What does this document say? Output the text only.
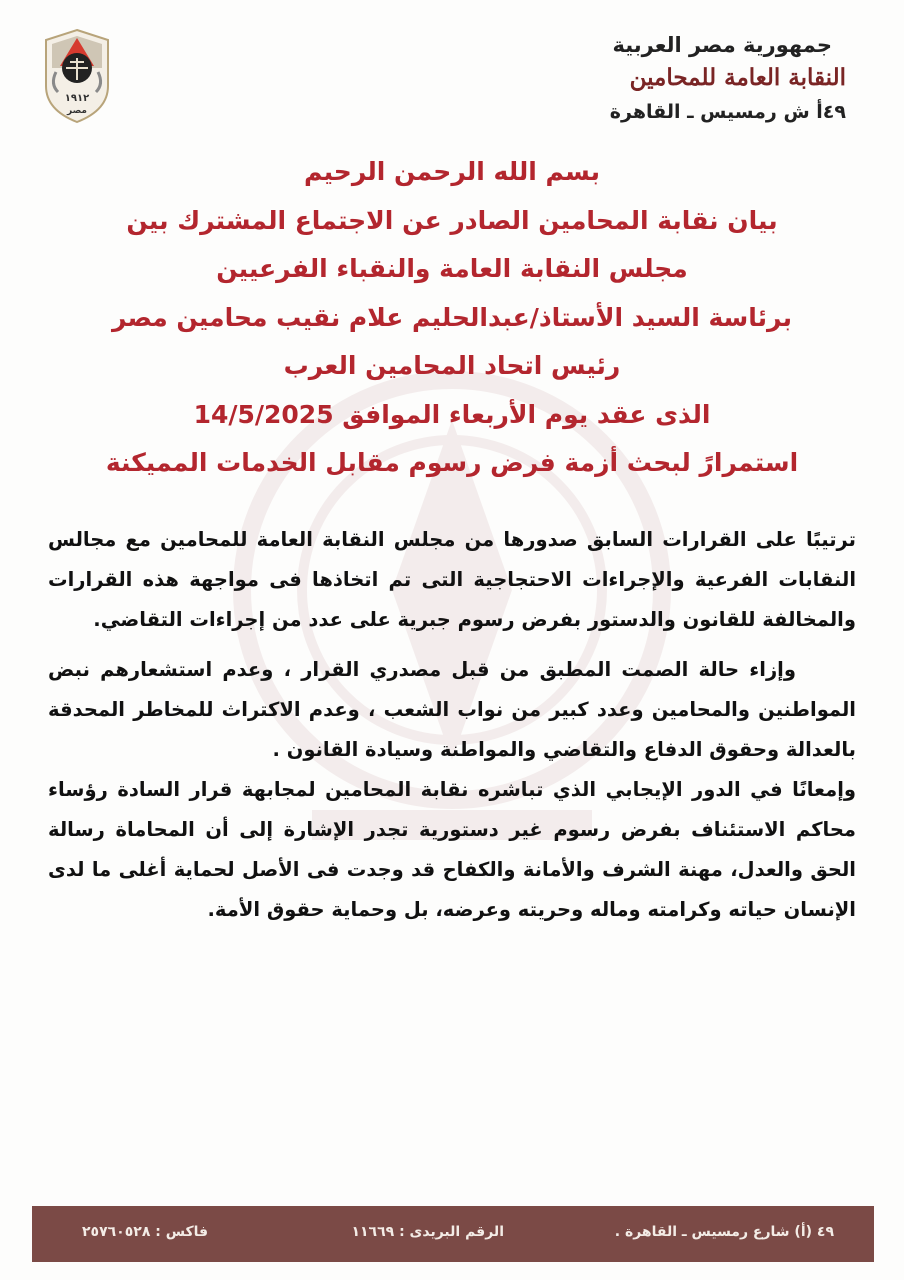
١٩١٢
مصر
جمهورية مصر العربية
النقابة العامة للمحامين
٤٩أ ش رمسيس ـ القاهرة
بسم الله الرحمن الرحيم
بيان نقابة المحامين الصادر عن الاجتماع المشترك بين
مجلس النقابة العامة والنقباء الفرعيين
برئاسة السيد الأستاذ/عبدالحليم علام نقيب محامين مصر
رئيس اتحاد المحامين العرب
الذى عقد يوم الأربعاء الموافق 14/5/2025
استمرارً لبحث أزمة فرض رسوم مقابل الخدمات المميكنة

ترتيبًا على القرارات السابق صدورها من مجلس النقابة العامة للمحامين مع مجالس النقابات الفرعية والإجراءات الاحتجاجية التى تم اتخاذها فى مواجهة هذه القرارات والمخالفة للقانون والدستور بفرض رسوم جبرية على عدد من إجراءات التقاضي.

وإزاء حالة الصمت المطبق من قبل مصدري القرار ، وعدم استشعارهم نبض المواطنين والمحامين وعدد كبير من نواب الشعب ، وعدم الاكتراث للمخاطر المحدقة بالعدالة وحقوق الدفاع والتقاضي والمواطنة وسيادة القانون .

وإمعانًا في الدور الإيجابي الذي تباشره نقابة المحامين لمجابهة قرار السادة رؤساء محاكم الاستئناف بفرض رسوم غير دستورية تجدر الإشارة إلى أن المحاماة رسالة الحق والعدل، مهنة الشرف والأمانة والكفاح قد وجدت فى الأصل لحماية أغلى ما لدى الإنسان حياته وكرامته وماله وحريته وعرضه، بل وحماية حقوق الأمة.

٤٩ (أ) شارع رمسيس ـ القاهرة .
الرقم البريدى : ١١٦٦٩
فاكس : ٢٥٧٦٠٥٢٨
